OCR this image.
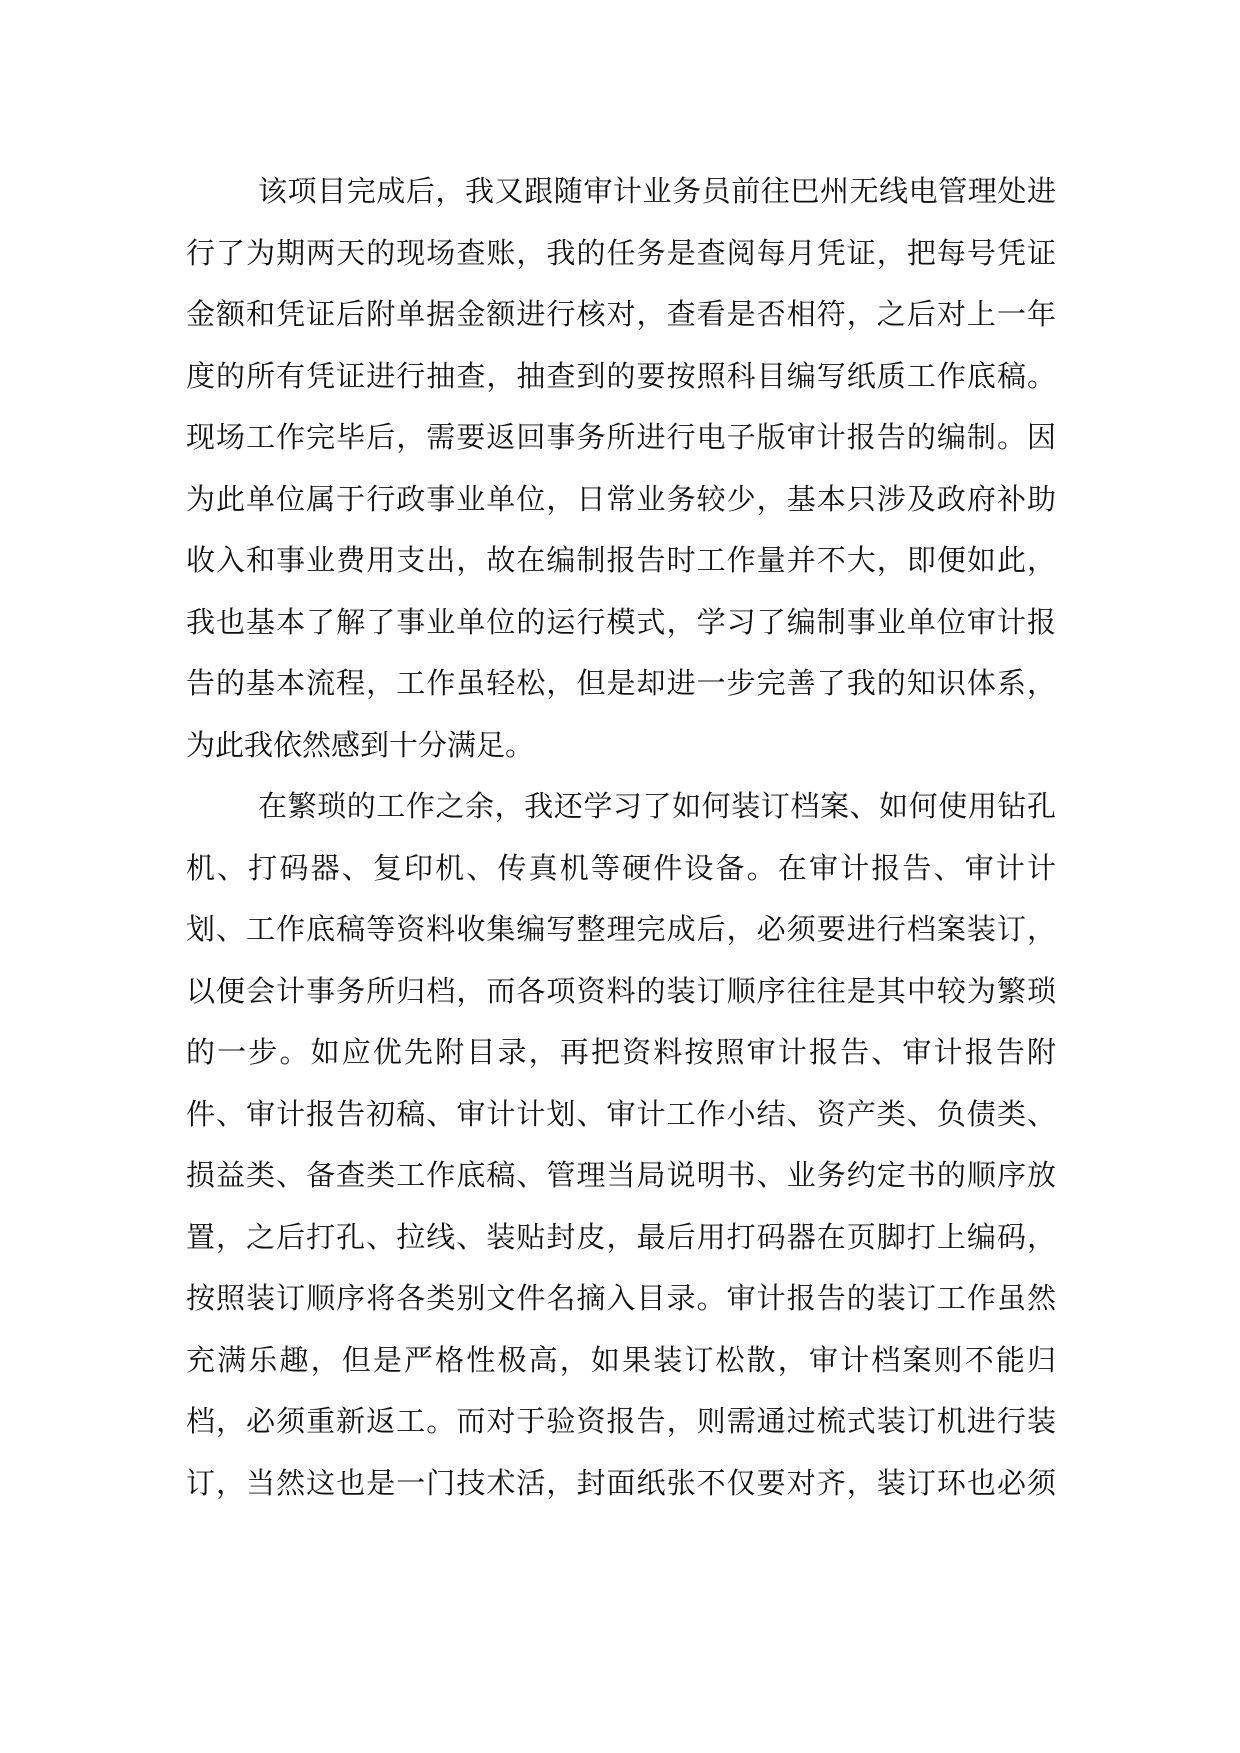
该项目完成后，我又跟随审计业务员前往巴州无线电管理处进
行了为期两天的现场查账，我的任务是查阅每月凭证，把每号凭证
金额和凭证后附单据金额进行核对，查看是否相符，之后对上一年
度的所有凭证进行抽查，抽查到的要按照科目编写纸质工作底稿。
现场工作完毕后，需要返回事务所进行电子版审计报告的编制。因
为此单位属于行政事业单位，日常业务较少，基本只涉及政府补助
收入和事业费用支出，故在编制报告时工作量并不大，即便如此，
我也基本了解了事业单位的运行模式，学习了编制事业单位审计报
告的基本流程，工作虽轻松，但是却进一步完善了我的知识体系，
为此我依然感到十分满足。
在繁琐的工作之余，我还学习了如何装订档案、如何使用钻孔
机、打码器、复印机、传真机等硬件设备。在审计报告、审计计
划、工作底稿等资料收集编写整理完成后，必须要进行档案装订，
以便会计事务所归档，而各项资料的装订顺序往往是其中较为繁琐
的一步。如应优先附目录，再把资料按照审计报告、审计报告附
件、审计报告初稿、审计计划、审计工作小结、资产类、负债类、
损益类、备查类工作底稿、管理当局说明书、业务约定书的顺序放
置，之后打孔、拉线、装贴封皮，最后用打码器在页脚打上编码，
按照装订顺序将各类别文件名摘入目录。审计报告的装订工作虽然
充满乐趣，但是严格性极高，如果装订松散，审计档案则不能归
档，必须重新返工。而对于验资报告，则需通过梳式装订机进行装
订，当然这也是一门技术活，封面纸张不仅要对齐，装订环也必须
